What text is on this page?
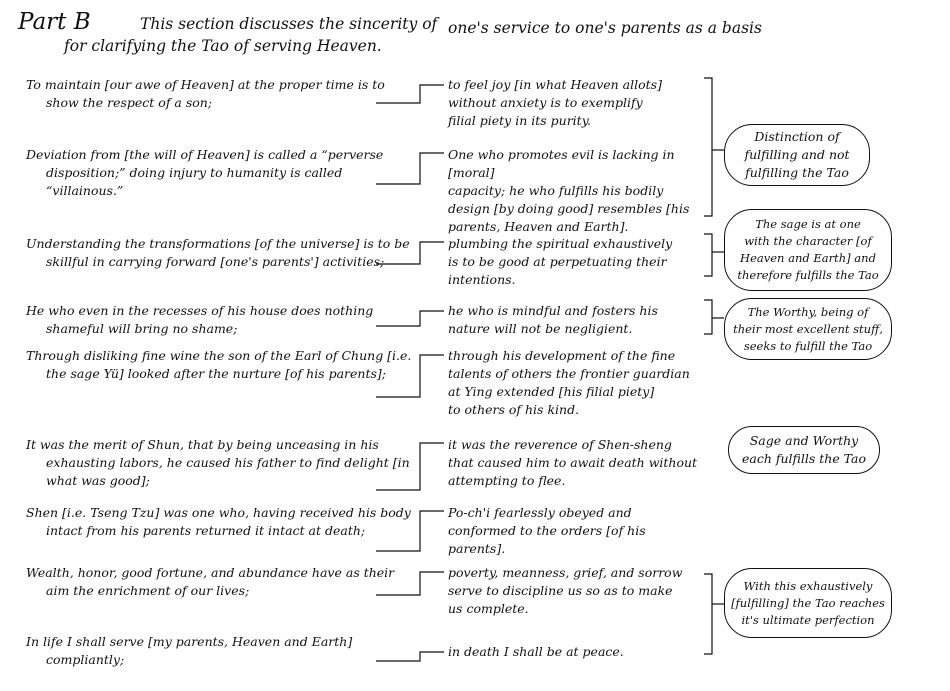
Part B	This section discusses the sincerity of one's service to one's parents as a basis
for clarifying the Tao of serving Heaven.
To maintain [our awe of Heaven] at the proper time is to show the respect of a son;
Deviation from [the will of Heaven] is called a “perverse disposition;” doing injury to humanity is called “villainous.”
Understanding the transformations [of the universe] is to be skillful in carrying forward [one's parents'] activities;
He who even in the recesses of his house does nothing shameful will bring no shame;
Through disliking fine wine the son of the Earl of Chung [i.e. the sage Yü] looked after the nurture [of his parents];
It was the merit of Shun, that by being unceasing in his exhausting labors, he caused his father to find delight [in what was good];
Shen [i.e. Tseng Tzu] was one who, having received his body intact from his parents returned it intact at death;
Wealth, honor, good fortune, and abundance have as their aim the enrichment of our lives;
In life I shall serve [my parents, Heaven and Earth] compliantly;
to feel joy [in what Heaven allots]
without anxiety is to exemplify
filial piety in its purity.
One who promotes evil is lacking in [moral]
capacity; he who fulfills his bodily
design [by doing good] resembles [his
parents, Heaven and Earth].
plumbing the spiritual exhaustively
is to be good at perpetuating their
intentions.
he who is mindful and fosters his
nature will not be negligient.
through his development of the fine
talents of others the frontier guardian
at Ying extended [his filial piety]
to others of his kind.
it was the reverence of Shen-sheng
that caused him to await death without
attempting to flee.
Po-ch'i fearlessly obeyed and
conformed to the orders [of his parents].
poverty, meanness, grief, and sorrow
serve to discipline us so as to make
us complete.
in death I shall be at peace.
Distinction of
fulfilling and not
fulfilling the Tao
The sage is at one
with the character [of
Heaven and Earth] and
therefore fulfills the Tao
The Worthy, being of
their most excellent stuff,
seeks to fulfill the Tao
Sage and Worthy
each fulfills the Tao
With this exhaustively
[fulfilling] the Tao reaches
it's ultimate perfection
